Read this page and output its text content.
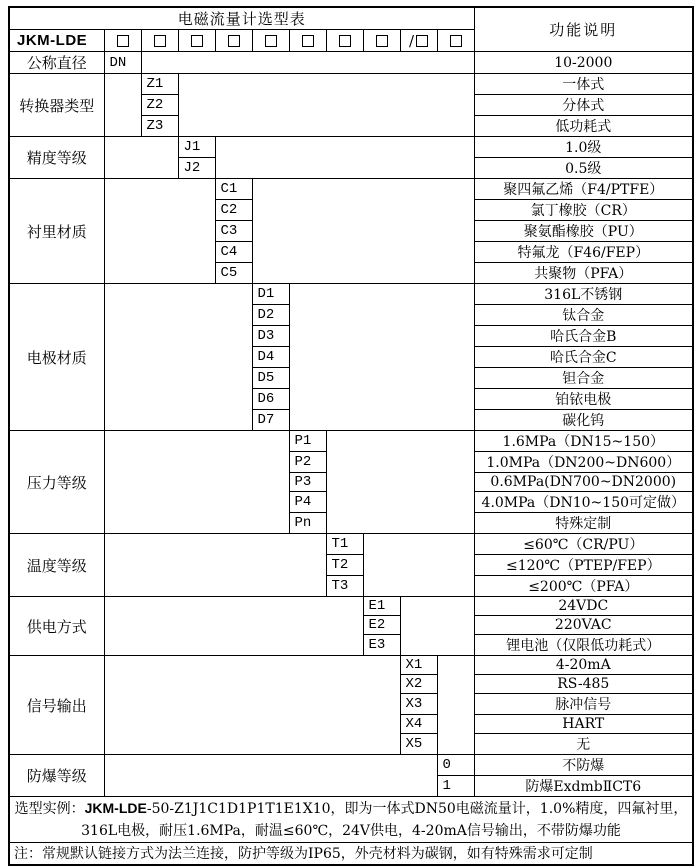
电磁流量计选型表											功能说明
JKM-LDE									/		
公称直径	DN										10-2000
转换器类型		Z1									一体式
		Z2									分体式
		Z3									低功耗式
精度等级			J1								1.0级
			J2								0.5级
衬里材质				C1							聚四氟乙烯（F4/PTFE）
				C2							氯丁橡胶（CR）
				C3							聚氨酯橡胶（PU）
				C4							特氟龙（F46/FEP）
				C5							共聚物（PFA）
电极材质					D1						316L不锈钢
					D2						钛合金
					D3						哈氏合金B
					D4						哈氏合金C
					D5						钽合金
					D6						铂铱电极
					D7						碳化钨
压力等级						P1					1.6MPa（DN15~150）
						P2					1.0MPa（DN200~DN600）
						P3					0.6MPa(DN700~DN2000)
						P4					4.0MPa（DN10~150可定做）
						Pn					特殊定制
温度等级							T1				≤60℃（CR/PU）
							T2				≤120℃（PTEP/FEP）
							T3				≤200℃（PFA）
供电方式								E1			24VDC
								E2			220VAC
								E3			锂电池（仅限低功耗式）
信号输出									X1		4-20mA
									X2		RS-485
									X3		脉冲信号
									X4		HART
									X5		无
防爆等级										0	不防爆
										1	防爆ExdmbⅡCT6
选型实例：JKM-LDE-50-Z1J1C1D1P1T1E1X10，即为一体式DN50电磁流量计，1.0%精度，四氟衬里，
316L电极，耐压1.6MPa，耐温≤60℃，24V供电，4-20mA信号输出，不带防爆功能											
注：常规默认链接方式为法兰连接，防护等级为IP65，外壳材料为碳钢，如有特殊需求可定制											
